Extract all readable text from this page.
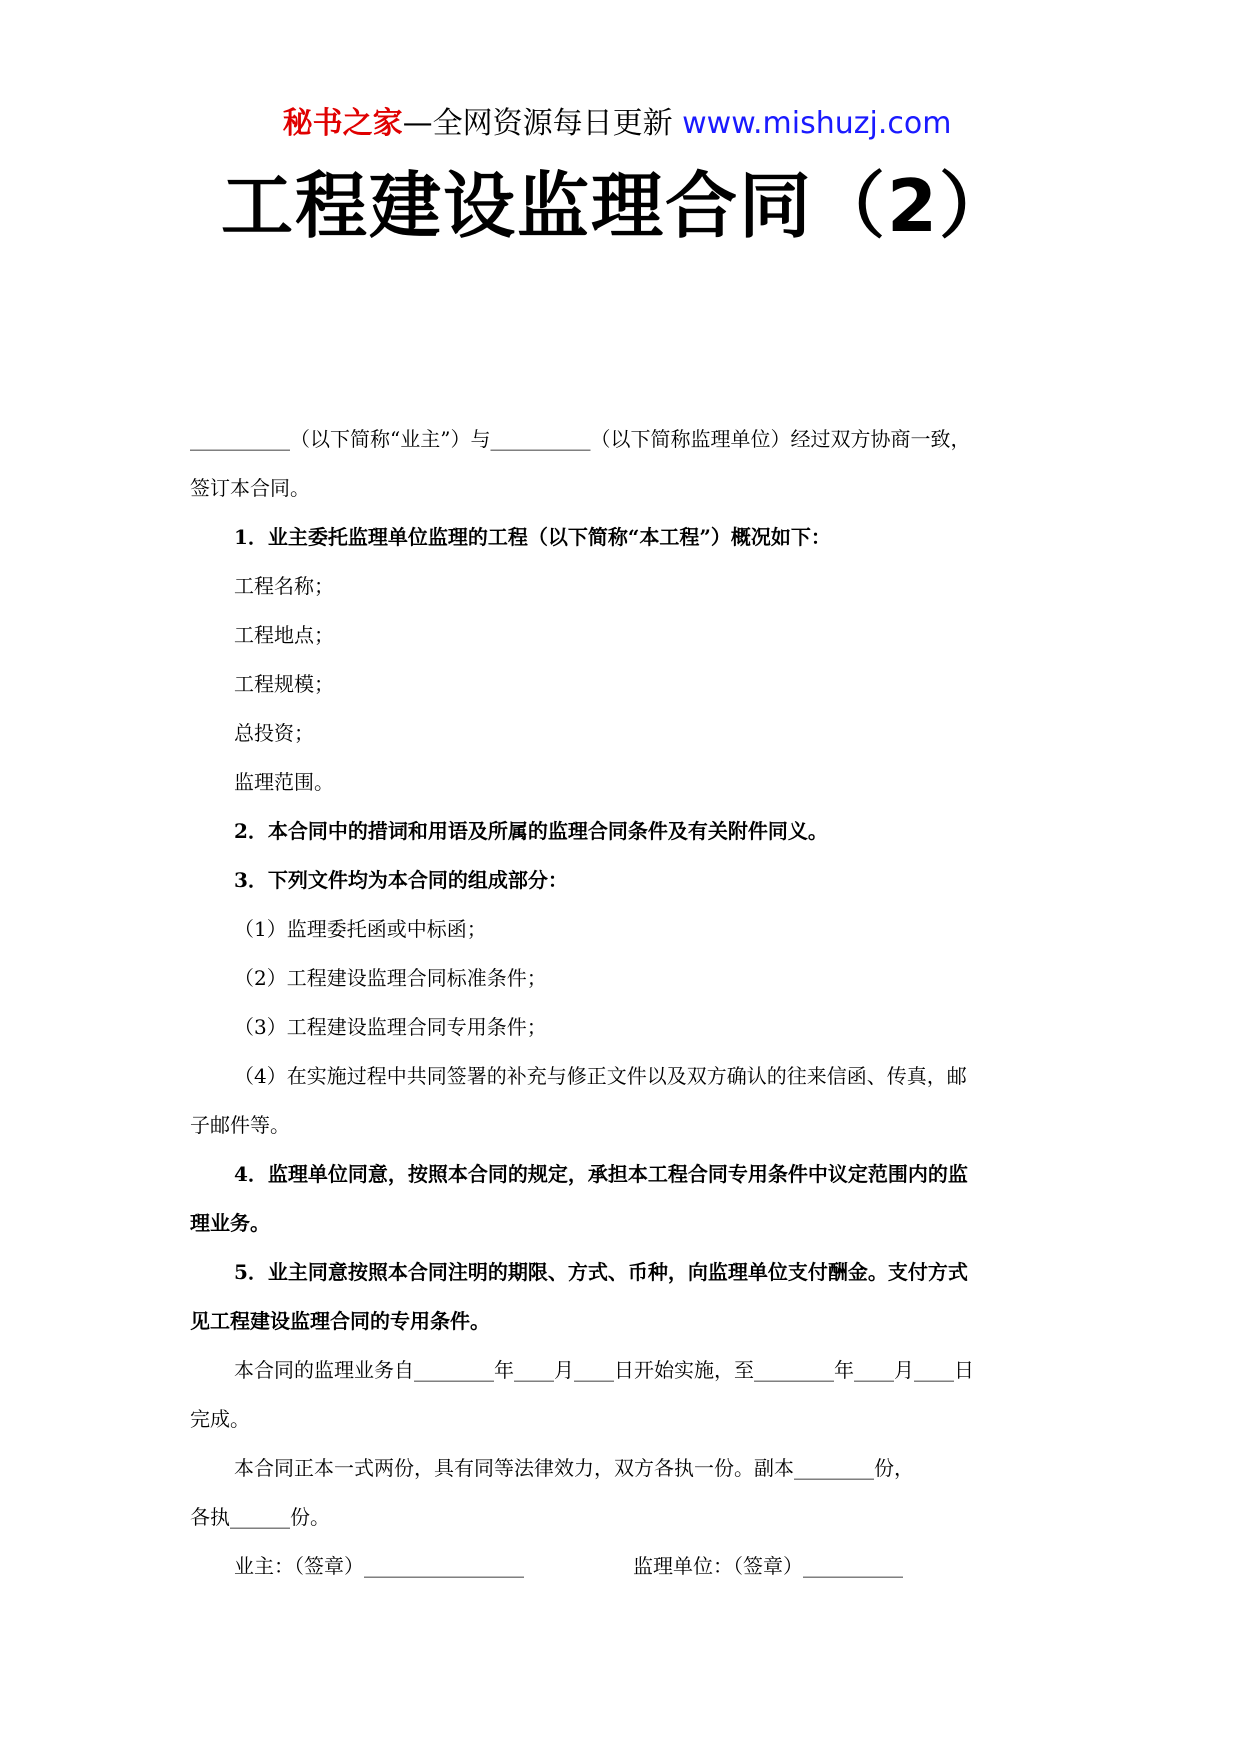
秘书之家—全网资源每日更新 www.mishuzj.com
工程建设监理合同（2）

__________（以下简称“业主”）与__________（以下简称监理单位）经过双方协商一致，

签订本合同。

1．业主委托监理单位监理的工程（以下简称“本工程”）概况如下：

工程名称；

工程地点；

工程规模；

总投资；

监理范围。

2．本合同中的措词和用语及所属的监理合同条件及有关附件同义。

3．下列文件均为本合同的组成部分：

（1）监理委托函或中标函；

（2）工程建设监理合同标准条件；

（3）工程建设监理合同专用条件；

（4）在实施过程中共同签署的补充与修正文件以及双方确认的往来信函、传真，邮

子邮件等。

4．监理单位同意，按照本合同的规定，承担本工程合同专用条件中议定范围内的监

理业务。

5．业主同意按照本合同注明的期限、方式、币种，向监理单位支付酬金。支付方式

见工程建设监理合同的专用条件。

本合同的监理业务自________年____月____日开始实施，至________年____月____日

完成。

本合同正本一式两份，具有同等法律效力，双方各执一份。副本________份，

各执______份。

业主：（签章）________________	监理单位：（签章）__________
